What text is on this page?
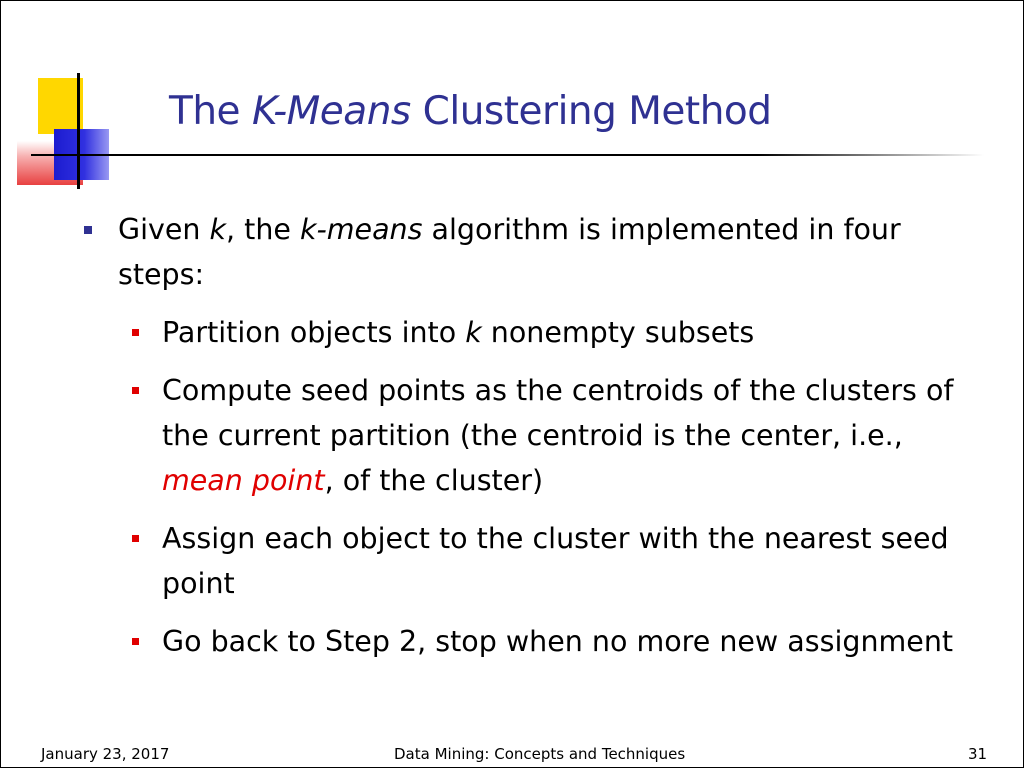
The K-Means Clustering Method

Given k, the k-means algorithm is implemented in four steps:

Partition objects into k nonempty subsets

Compute seed points as the centroids of the clusters of the current partition (the centroid is the center, i.e., mean point, of the cluster)

Assign each object to the cluster with the nearest seed point

Go back to Step 2, stop when no more new assignment

January 23, 2017	Data Mining: Concepts and Techniques	31
